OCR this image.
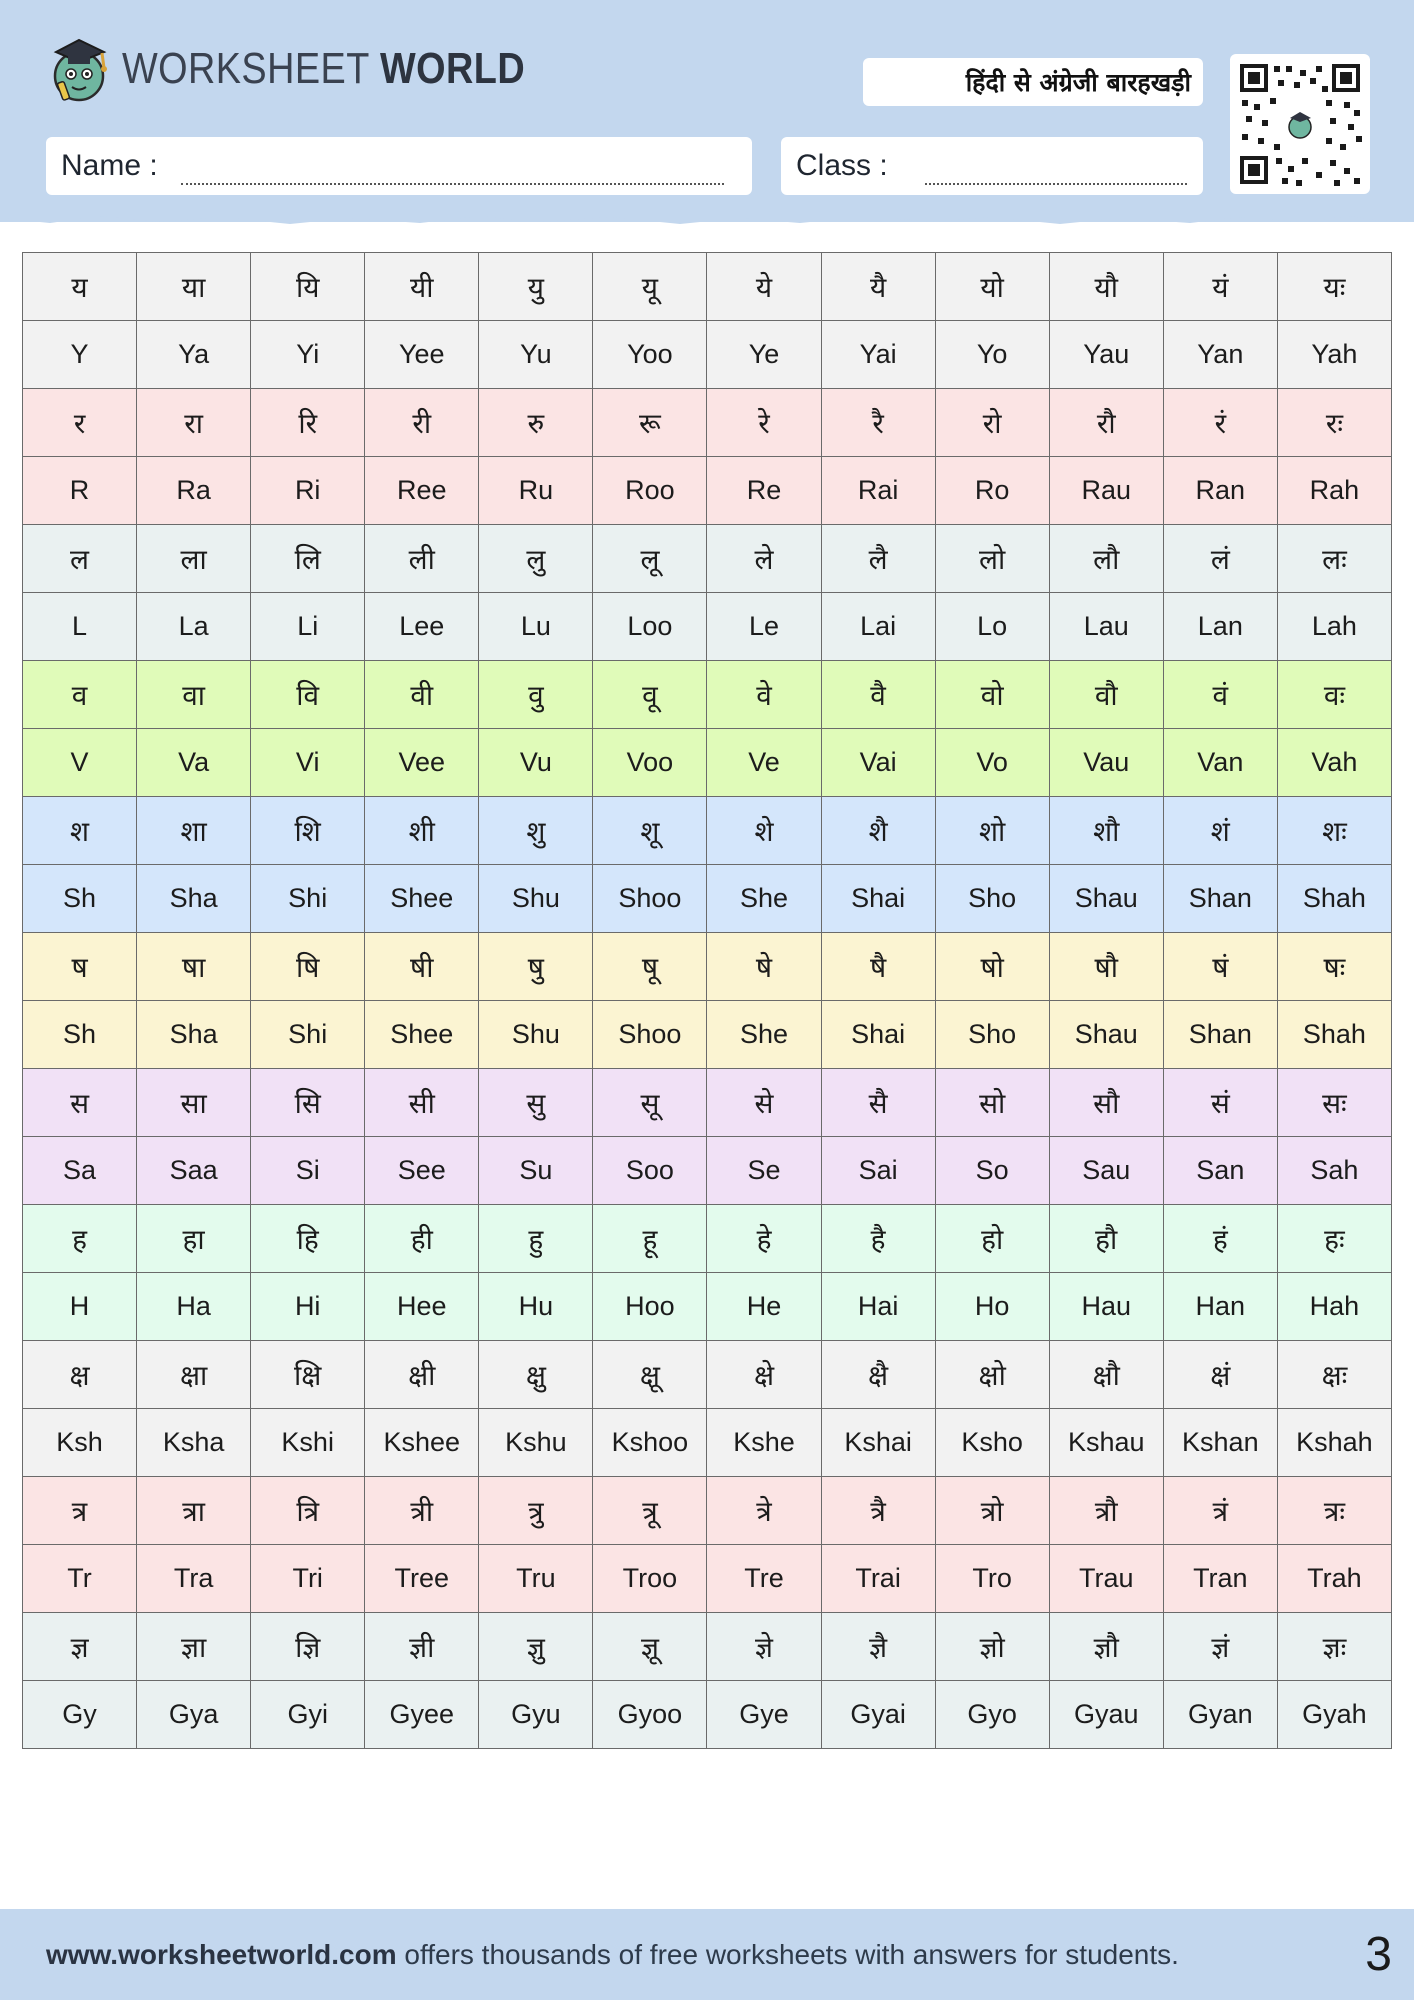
WORKSHEET WORLD	हिंदी से अंग्रेजी बारहखड़ी
Name :	Class :
य	या	यि	यी	यु	यू	ये	यै	यो	यौ	यं	यः
Y	Ya	Yi	Yee	Yu	Yoo	Ye	Yai	Yo	Yau	Yan	Yah
र	रा	रि	री	रु	रू	रे	रै	रो	रौ	रं	रः
R	Ra	Ri	Ree	Ru	Roo	Re	Rai	Ro	Rau	Ran	Rah
ल	ला	लि	ली	लु	लू	ले	लै	लो	लौ	लं	लः
L	La	Li	Lee	Lu	Loo	Le	Lai	Lo	Lau	Lan	Lah
व	वा	वि	वी	वु	वू	वे	वै	वो	वौ	वं	वः
V	Va	Vi	Vee	Vu	Voo	Ve	Vai	Vo	Vau	Van	Vah
श	शा	शि	शी	शु	शू	शे	शै	शो	शौ	शं	शः
Sh	Sha	Shi	Shee	Shu	Shoo	She	Shai	Sho	Shau	Shan	Shah
ष	षा	षि	षी	षु	षू	षे	षै	षो	षौ	षं	षः
Sh	Sha	Shi	Shee	Shu	Shoo	She	Shai	Sho	Shau	Shan	Shah
स	सा	सि	सी	सु	सू	से	सै	सो	सौ	सं	सः
Sa	Saa	Si	See	Su	Soo	Se	Sai	So	Sau	San	Sah
ह	हा	हि	ही	हु	हू	हे	है	हो	हौ	हं	हः
H	Ha	Hi	Hee	Hu	Hoo	He	Hai	Ho	Hau	Han	Hah
क्ष	क्षा	क्षि	क्षी	क्षु	क्षू	क्षे	क्षै	क्षो	क्षौ	क्षं	क्षः
Ksh	Ksha	Kshi	Kshee	Kshu	Kshoo	Kshe	Kshai	Ksho	Kshau	Kshan	Kshah
त्र	त्रा	त्रि	त्री	त्रु	त्रू	त्रे	त्रै	त्रो	त्रौ	त्रं	त्रः
Tr	Tra	Tri	Tree	Tru	Troo	Tre	Trai	Tro	Trau	Tran	Trah
ज्ञ	ज्ञा	ज्ञि	ज्ञी	ज्ञु	ज्ञू	ज्ञे	ज्ञै	ज्ञो	ज्ञौ	ज्ञं	ज्ञः
Gy	Gya	Gyi	Gyee	Gyu	Gyoo	Gye	Gyai	Gyo	Gyau	Gyan	Gyah
www.worksheetworld.com offers thousands of free worksheets with answers for students.	3
